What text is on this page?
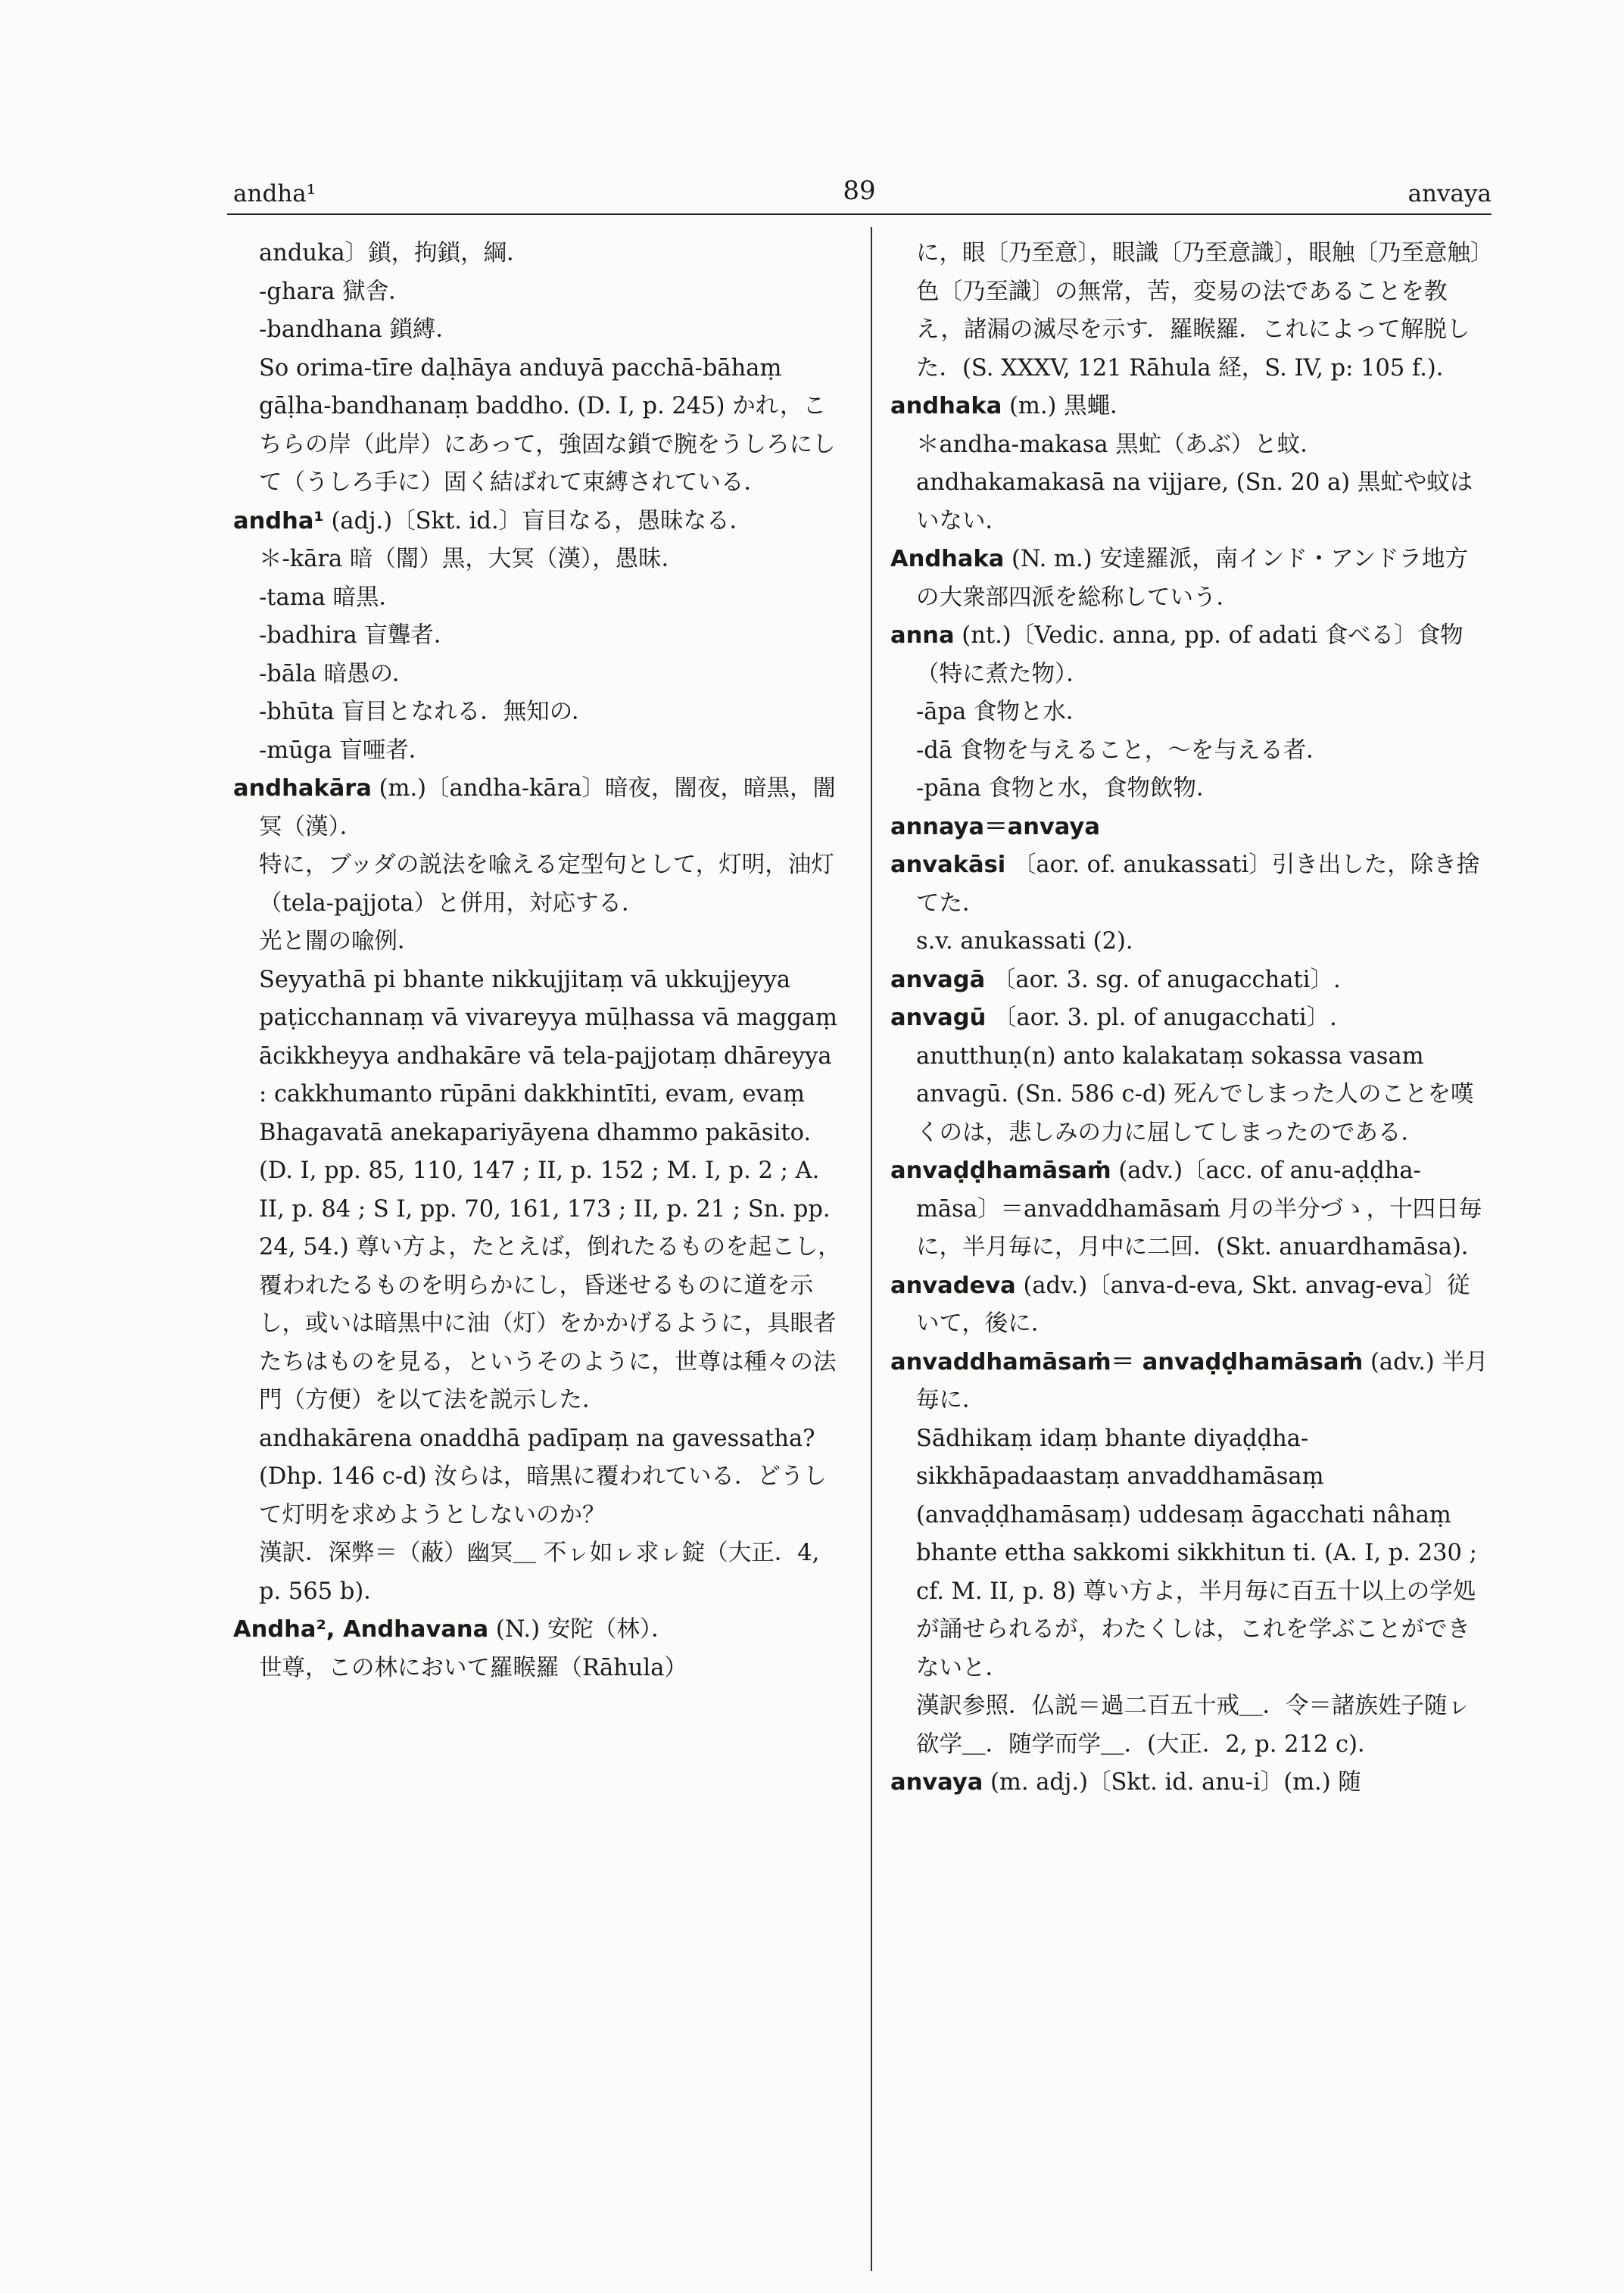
andha¹	89	anvaya

anduka〕鎖，拘鎖，綱．

-ghara 獄舎．

-bandhana 鎖縛．

So orima-tīre daḷhāya anduyā pacchā-bāhaṃ gāḷha-bandhanaṃ baddho. (D. I, p. 245) かれ，こちらの岸（此岸）にあって，強固な鎖で腕をうしろにして（うしろ手に）固く結ばれて束縛されている．

andha¹ (adj.)〔Skt. id.〕盲目なる，愚昧なる．

＊-kāra 暗（闇）黒，大冥（漢），愚昧．

-tama 暗黒．

-badhira 盲聾者．

-bāla 暗愚の．

-bhūta 盲目となれる．無知の．

-mūga 盲唖者．

andhakāra (m.)〔andha-kāra〕暗夜，闇夜，暗黒，闇冥（漢）．

特に，ブッダの説法を喩える定型句として，灯明，油灯（tela-pajjota）と併用，対応する．

光と闇の喩例．

Seyyathā pi bhante nikkujjitaṃ vā ukkujjeyya paṭicchannaṃ vā vivareyya mūḷhassa vā maggaṃ ācikkheyya andhakāre vā tela-pajjotaṃ dhāreyya : cakkhumanto rūpāni dakkhintīti, evam, evaṃ Bhagavatā anekapariyāyena dhammo pakāsito. (D. I, pp. 85, 110, 147 ; II, p. 152 ; M. I, p. 2 ; A. II, p. 84 ; S I, pp. 70, 161, 173 ; II, p. 21 ; Sn. pp. 24, 54.) 尊い方よ，たとえば，倒れたるものを起こし，覆われたるものを明らかにし，昏迷せるものに道を示し，或いは暗黒中に油（灯）をかかげるように，具眼者たちはものを見る，というそのように，世尊は種々の法門（方便）を以て法を説示した．

andhakārena onaddhā padīpaṃ na gavessatha? (Dhp. 146 c-d) 汝らは，暗黒に覆われている．どうして灯明を求めようとしないのか？

漢訳．深弊＝（蔽）幽冥＿ 不ㇾ如ㇾ求ㇾ錠（大正．4, p. 565 b)．

Andha², Andhavana (N.) 安陀（林）．

世尊，この林において羅睺羅（Rāhula）

に，眼〔乃至意〕，眼識〔乃至意識〕，眼触〔乃至意触〕色〔乃至識〕の無常，苦，変易の法であることを教え，諸漏の滅尽を示す．羅睺羅．これによって解脱した．(S. XXXV, 121 Rāhula 経，S. IV, p: 105 f.)．

andhaka (m.) 黒蠅．

＊andha-makasa 黒虻（あぶ）と蚊．

andhakamakasā na vijjare, (Sn. 20 a) 黒虻や蚊はいない．

Andhaka (N. m.) 安達羅派，南インド・アンドラ地方の大衆部四派を総称していう．

anna (nt.)〔Vedic. anna, pp. of adati 食べる〕食物（特に煮た物）．

-āpa 食物と水．

-dā 食物を与えること，〜を与える者．

-pāna 食物と水，食物飲物．

annaya＝anvaya

anvakāsi 〔aor. of. anukassati〕引き出した，除き捨てた．

s.v. anukassati (2).

anvagā 〔aor. 3. sg. of anugacchati〕.

anvagū 〔aor. 3. pl. of anugacchati〕.

anutthuṇ(n) anto kalakataṃ sokassa vasam anvagū. (Sn. 586 c-d) 死んでしまった人のことを嘆くのは，悲しみの力に屈してしまったのである．

anvaḍḍhamāsaṁ (adv.)〔acc. of anu-aḍḍha-māsa〕＝anvaddhamāsaṁ 月の半分づゝ，十四日毎に，半月毎に，月中に二回．(Skt. anuardhamāsa)．

anvadeva (adv.)〔anva-d-eva, Skt. anvag-eva〕従いて，後に．

anvaddhamāsaṁ＝ anvaḍḍhamāsaṁ (adv.) 半月毎に．

Sādhikaṃ idaṃ bhante diyaḍḍha-sikkhāpadaastaṃ anvaddhamāsaṃ (anvaḍḍhamāsaṃ) uddesaṃ āgacchati nâhaṃ bhante ettha sakkomi sikkhitun ti. (A. I, p. 230 ; cf. M. II, p. 8) 尊い方よ，半月毎に百五十以上の学処が誦せられるが，わたくしは，これを学ぶことができないと．

漢訳参照．仏説＝過二百五十戒＿．令＝諸族姓子随ㇾ欲学＿．随学而学＿．(大正．2, p. 212 c)．

anvaya (m. adj.)〔Skt. id. anu-i〕(m.) 随
